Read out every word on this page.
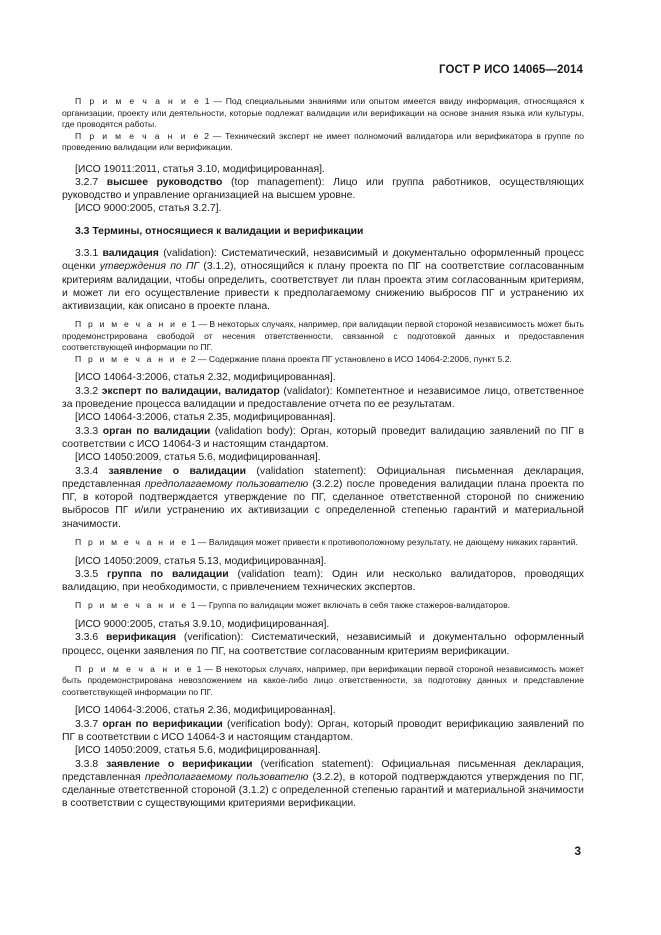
ГОСТ Р ИСО 14065—2014

П р и м е ч а н и е 1 — Под специальными знаниями или опытом имеется ввиду информация, относящаяся к организации, проекту или деятельности, которые подлежат валидации или верификации на основе знания языка или культуры, где проводятся работы.

П р и м е ч а н и е 2 — Технический эксперт не имеет полномочий валидатора или верификатора в группе по проведению валидации или верификации.

[ИСО 19011:2011, статья 3.10, модифицированная].

3.2.7 высшее руководство (top management): Лицо или группа работников, осуществляющих руководство и управление организацией на высшем уровне.

[ИСО 9000:2005, статья 3.2.7].

3.3 Термины, относящиеся к валидации и верификации

3.3.1 валидация (validation): Систематический, независимый и документально оформленный процесс оценки утверждения по ПГ (3.1.2), относящийся к плану проекта по ПГ на соответствие согласованным критериям валидации, чтобы определить, соответствует ли план проекта этим согласованным критериям, и может ли его осуществление привести к предполагаемому снижению выбросов ПГ и устранению их активизации, как описано в проекте плана.

П р и м е ч а н и е 1 — В некоторых случаях, например, при валидации первой стороной независимость может быть продемонстрирована свободой от несения ответственности, связанной с подготовкой данных и предоставления соответствующей информации по ПГ.

П р и м е ч а н и е 2 — Содержание плана проекта ПГ установлено в ИСО 14064-2:2006, пункт 5.2.

[ИСО 14064-3:2006, статья 2.32, модифицированная].

3.3.2 эксперт по валидации, валидатор (validator): Компетентное и независимое лицо, ответственное за проведение процесса валидации и предоставление отчета по ее результатам.

[ИСО 14064-3:2006, статья 2.35, модифицированная].

3.3.3 орган по валидации (validation body): Орган, который проведит валидацию заявлений по ПГ в соответствии с ИСО 14064-3 и настоящим стандартом.

[ИСО 14050:2009, статья 5.6, модифицированная].

3.3.4 заявление о валидации (validation statement): Официальная письменная декларация, представленная предполагаемому пользователю (3.2.2) после проведения валидации плана проекта по ПГ, в которой подтверждается утверждение по ПГ, сделанное ответственной стороной по снижению выбросов ПГ и/или устранению их активизации с определенной степенью гарантий и материальной значимости.

П р и м е ч а н и е 1 — Валидация может привести к противоположному результату, не дающему никаких гарантий.

[ИСО 14050:2009, статья 5.13, модифицированная].

3.3.5 группа по валидации (validation team): Один или несколько валидаторов, проводящих валидацию, при необходимости, с привлечением технических экспертов.

П р и м е ч а н и е 1 — Группа по валидации может включать в себя также стажеров-валидаторов.

[ИСО 9000:2005, статья 3.9.10, модифицированная].

3.3.6 верификация (verification): Систематический, независимый и документально оформленный процесс, оценки заявления по ПГ, на соответствие согласованным критериям верификации.

П р и м е ч а н и е 1 — В некоторых случаях, например, при верификации первой стороной независимость может быть продемонстрирована невозложением на какое-либо лицо ответственности, за подготовку данных и представление соответствующей информации по ПГ.

[ИСО 14064-3:2006, статья 2.36, модифицированная].

3.3.7 орган по верификации (verification body): Орган, который проводит верификацию заявлений по ПГ в соответствии с ИСО 14064-3 и настоящим стандартом.

[ИСО 14050:2009, статья 5.6, модифицированная].

3.3.8 заявление о верификации (verification statement): Официальная письменная декларация, представленная предполагаемому пользователю (3.2.2), в которой подтверждаются утверждения по ПГ, сделанные ответственной стороной (3.1.2) с определенной степенью гарантий и материальной значимости в соответствии с существующими критериями верификации.

3
